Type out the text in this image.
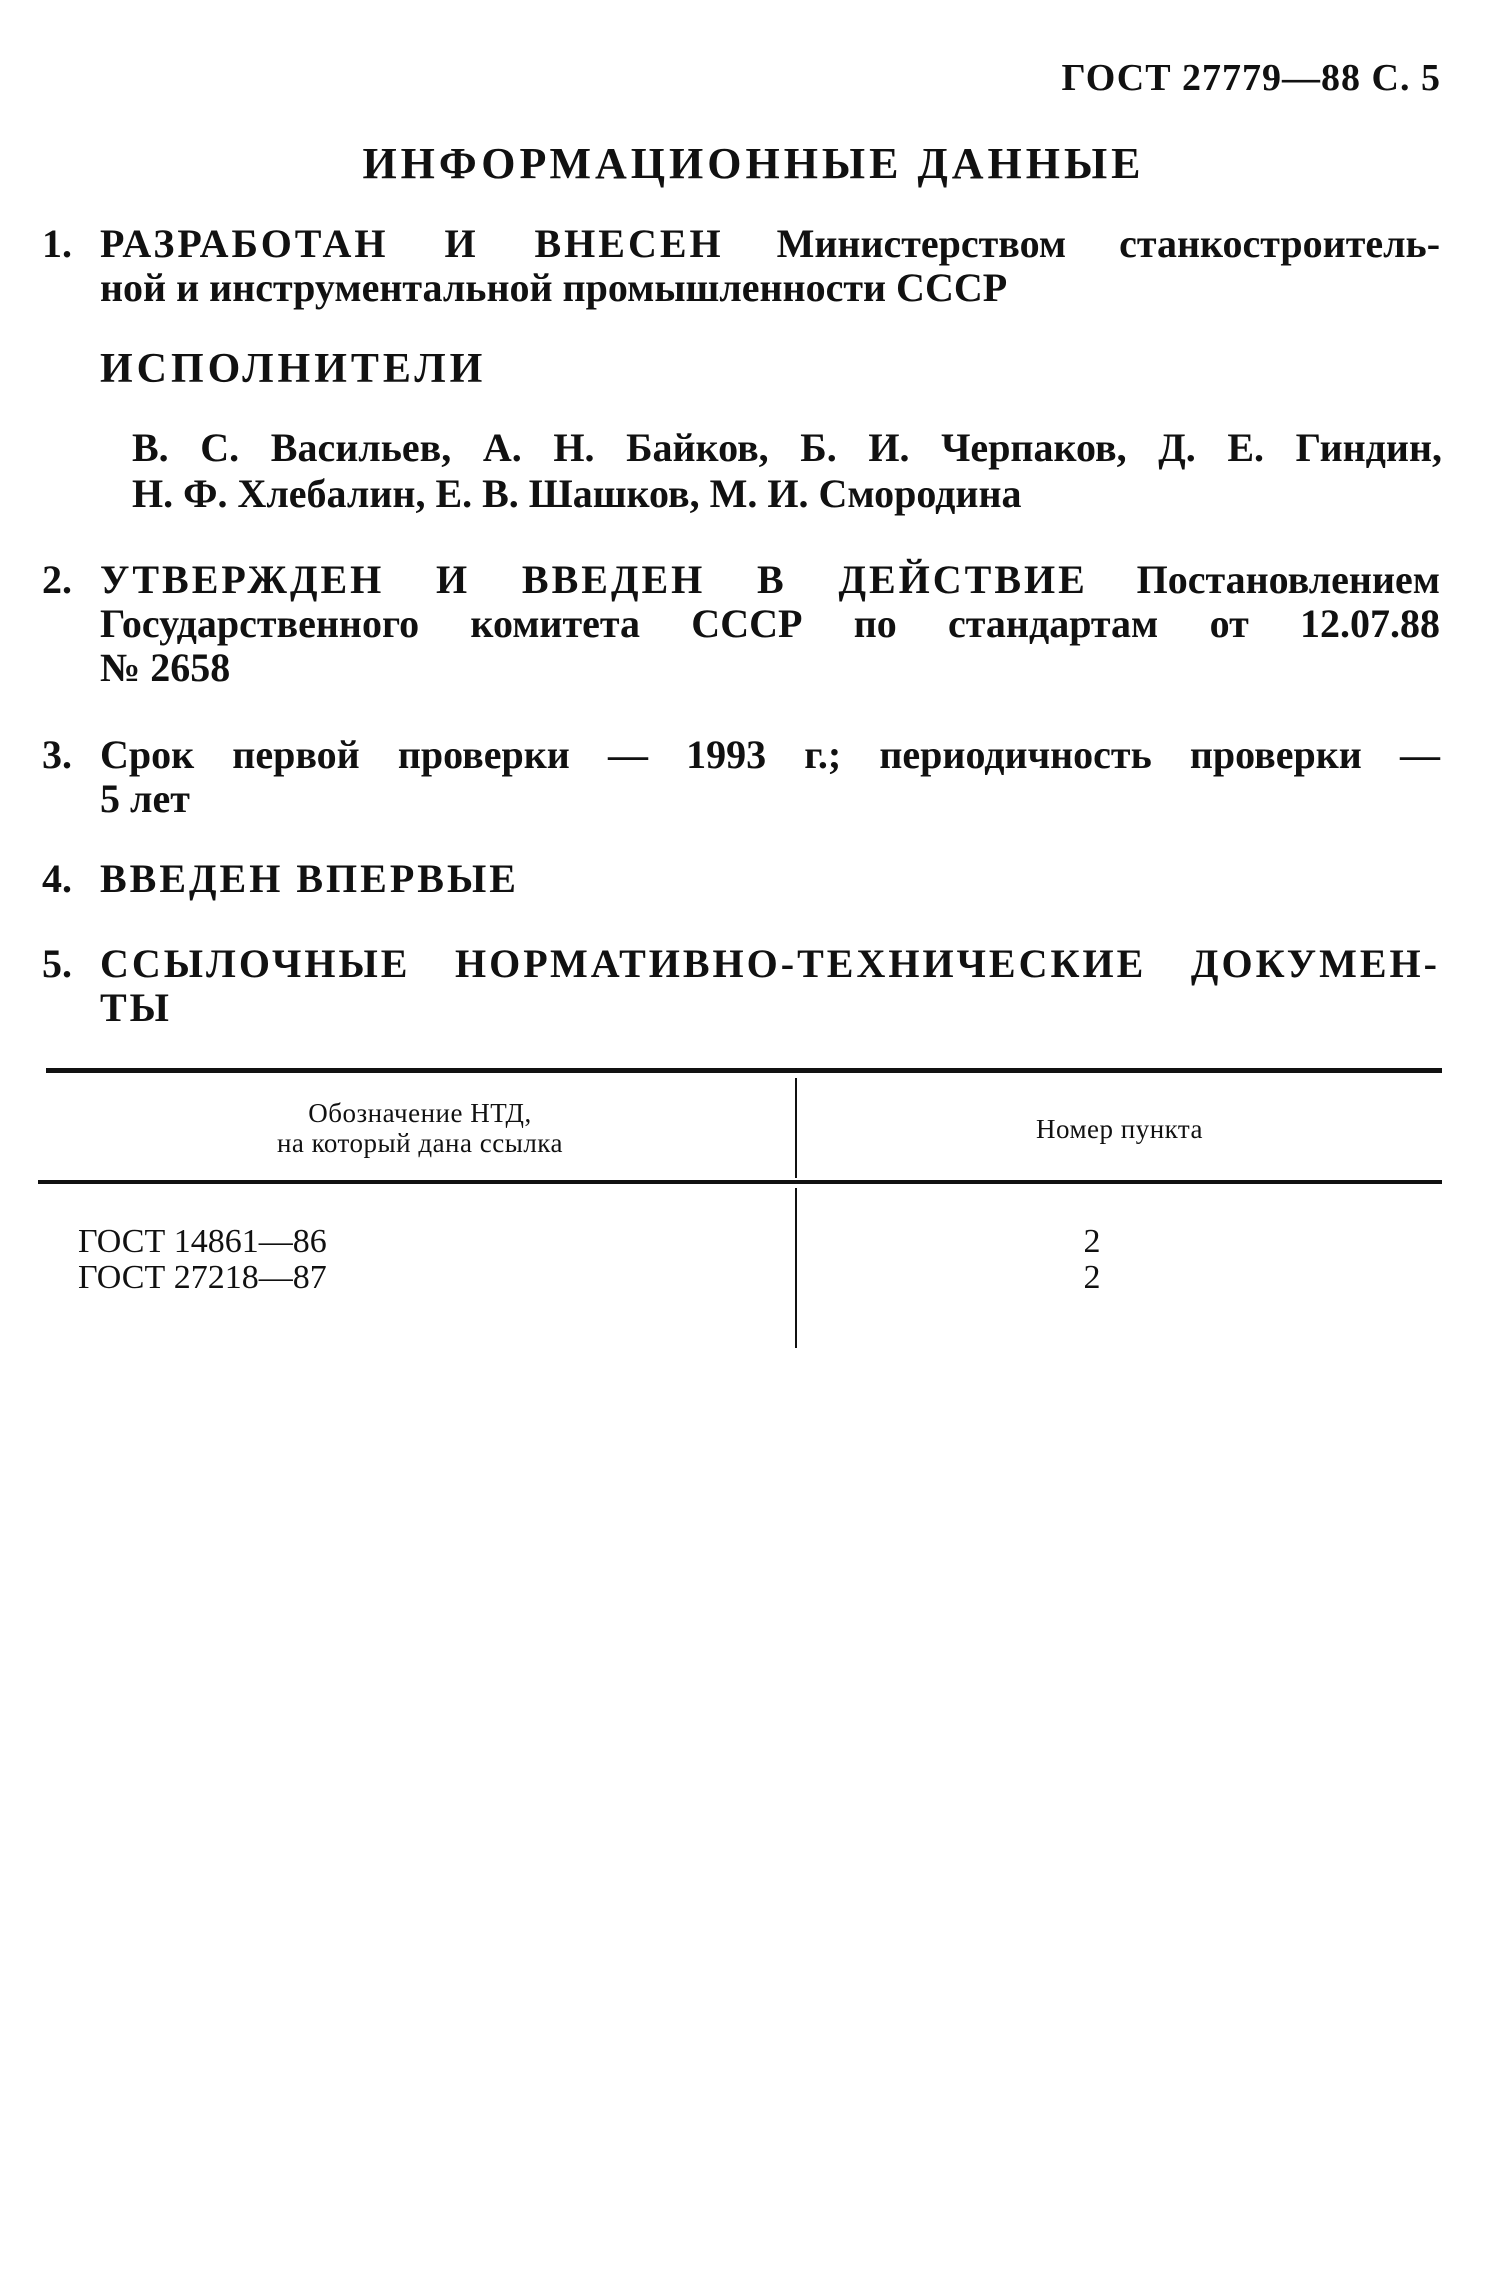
ГОСТ 27779—88 С. 5
ИНФОРМАЦИОННЫЕ ДАННЫЕ
1. РАЗРАБОТАН И ВНЕСЕН Министерством станкостроитель-
ной и инструментальной промышленности СССР
ИСПОЛНИТЕЛИ
В. С. Васильев, А. Н. Байков, Б. И. Черпаков, Д. Е. Гиндин,
Н. Ф. Хлебалин, Е. В. Шашков, М. И. Смородина
2. УТВЕРЖДЕН И ВВЕДЕН В ДЕЙСТВИЕ Постановлением
Государственного комитета СССР по стандартам от 12.07.88
№ 2658
3. Срок первой проверки — 1993 г.; периодичность проверки —
5 лет
4. ВВЕДЕН ВПЕРВЫЕ
5. ССЫЛОЧНЫЕ НОРМАТИВНО-ТЕХНИЧЕСКИЕ ДОКУМЕН-
ТЫ
Обозначение НТД,
на который дана ссылка	Номер пункта
ГОСТ 14861—86	2
ГОСТ 27218—87	2
